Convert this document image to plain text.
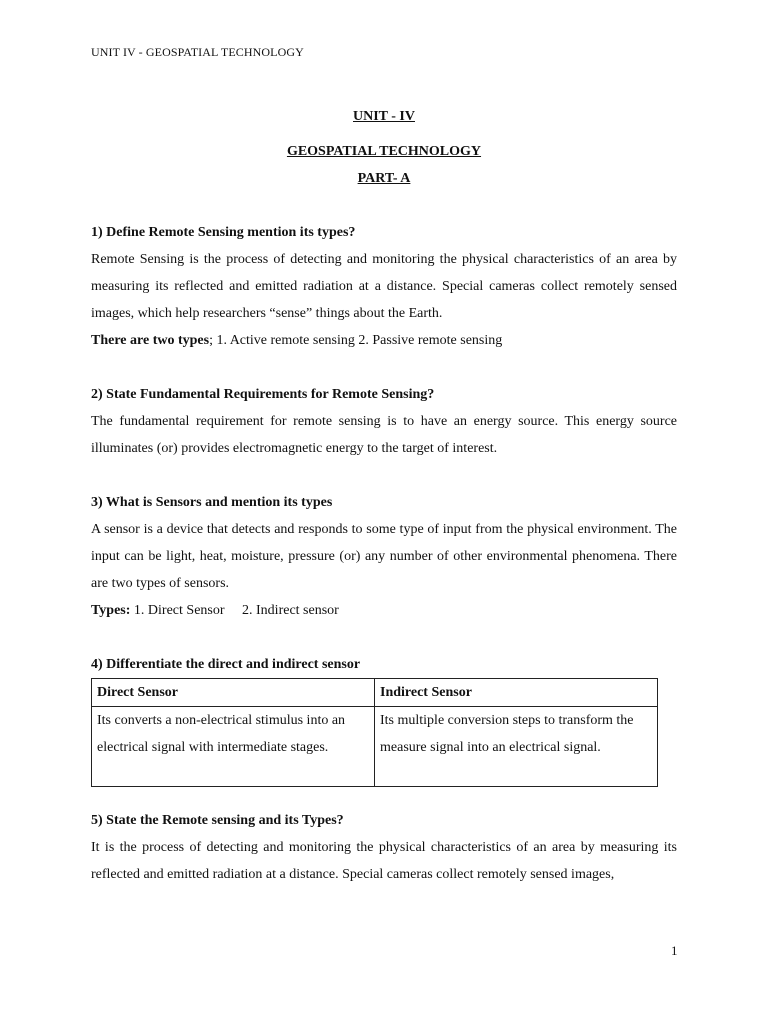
UNIT IV - GEOSPATIAL TECHNOLOGY
UNIT - IV
GEOSPATIAL TECHNOLOGY
PART- A

1) Define Remote Sensing mention its types?

Remote Sensing is the process of detecting and monitoring the physical characteristics of an area by measuring its reflected and emitted radiation at a distance. Special cameras collect remotely sensed images, which help researchers “sense” things about the Earth.

There are two types; 1. Active remote sensing 2. Passive remote sensing

2) State Fundamental Requirements for Remote Sensing?

The fundamental requirement for remote sensing is to have an energy source. This energy source illuminates (or) provides electromagnetic energy to the target of interest.

3) What is Sensors and mention its types

A sensor is a device that detects and responds to some type of input from the physical environment. The input can be light, heat, moisture, pressure (or) any number of other environmental phenomena. There are two types of sensors.

Types: 1. Direct Sensor     2. Indirect sensor

4) Differentiate the direct and indirect sensor

Direct Sensor	Indirect Sensor
Its converts a non-electrical stimulus into an electrical signal with intermediate stages.	Its multiple conversion steps to transform the measure signal into an electrical signal.

5) State the Remote sensing and its Types?

It is the process of detecting and monitoring the physical characteristics of an area by measuring its reflected and emitted radiation at a distance. Special cameras collect remotely sensed images,

1
